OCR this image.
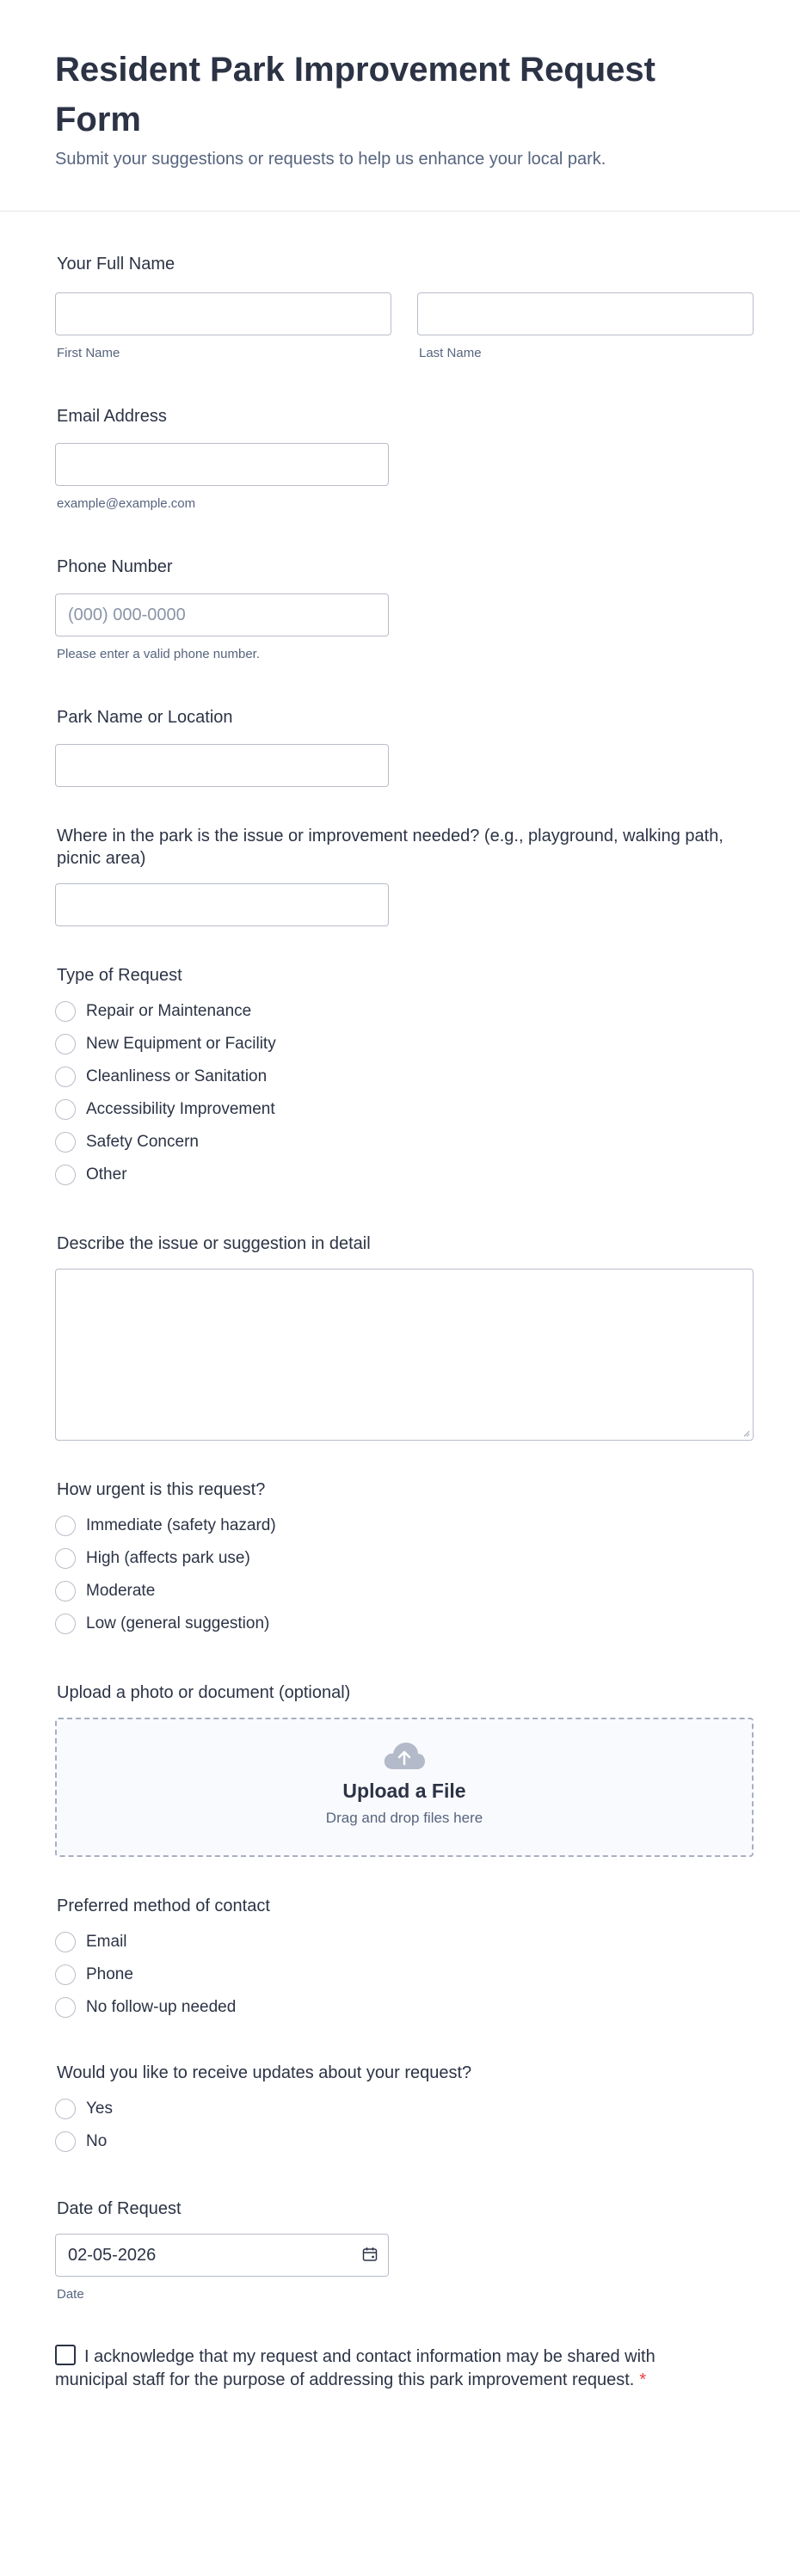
Resident Park Improvement Request Form

Submit your suggestions or requests to help us enhance your local park.

Your Full Name
First Name	Last Name
Email Address
example@example.com
Phone Number
(000) 000-0000
Please enter a valid phone number.
Park Name or Location
Where in the park is the issue or improvement needed? (e.g., playground, walking path, picnic area)
Type of Request
Repair or Maintenance
New Equipment or Facility
Cleanliness or Sanitation
Accessibility Improvement
Safety Concern
Other
Describe the issue or suggestion in detail
How urgent is this request?
Immediate (safety hazard)
High (affects park use)
Moderate
Low (general suggestion)
Upload a photo or document (optional)
Upload a File
Drag and drop files here
Preferred method of contact
Email
Phone
No follow-up needed
Would you like to receive updates about your request?
Yes
No
Date of Request
02-05-2026
Date
I acknowledge that my request and contact information may be shared with municipal staff for the purpose of addressing this park improvement request. *
